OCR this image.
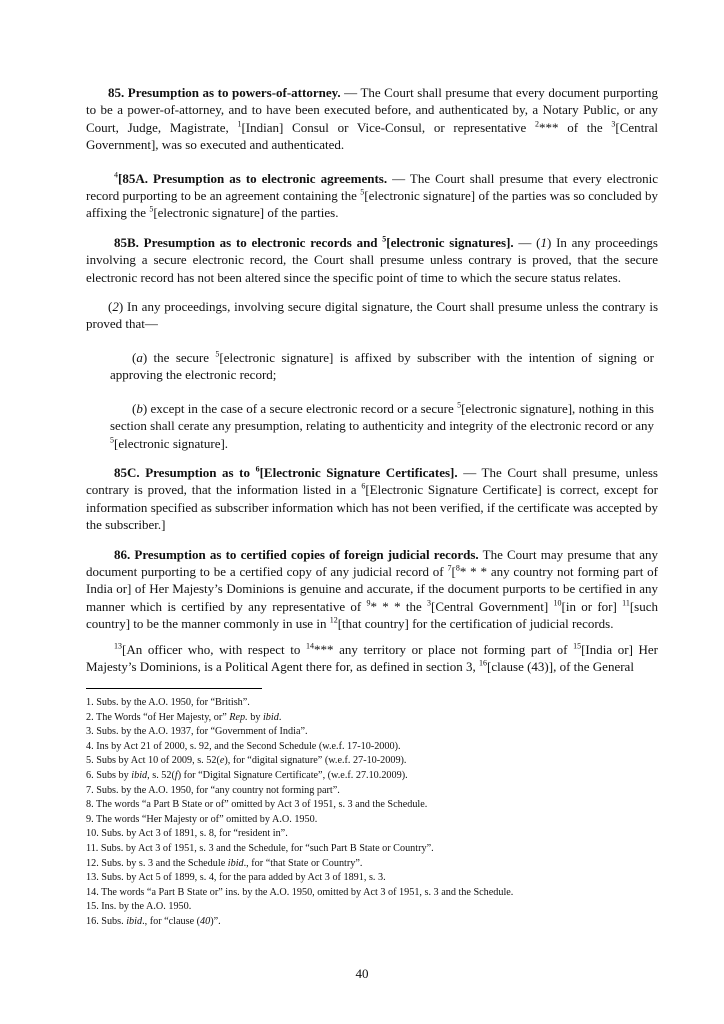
85. Presumption as to powers-of-attorney. — The Court shall presume that every document purporting to be a power-of-attorney, and to have been executed before, and authenticated by, a Notary Public, or any Court, Judge, Magistrate, $^1$[Indian] Consul or Vice-Consul, or representative $^2$*** of the $^3$[Central Government], was so executed and authenticated.

$^4$[85A. Presumption as to electronic agreements. — The Court shall presume that every electronic record purporting to be an agreement containing the $^5$[electronic signature] of the parties was so concluded by affixing the $^5$[electronic signature] of the parties.

85B. Presumption as to electronic records and $^5$[electronic signatures]. — (1) In any proceedings involving a secure electronic record, the Court shall presume unless contrary is proved, that the secure electronic record has not been altered since the specific point of time to which the secure status relates.

(2) In any proceedings, involving secure digital signature, the Court shall presume unless the contrary is proved that—

(a) the secure $^5$[electronic signature] is affixed by subscriber with the intention of signing or approving the electronic record;

(b) except in the case of a secure electronic record or a secure $^5$[electronic signature], nothing in this section shall cerate any presumption, relating to authenticity and integrity of the electronic record or any $^5$[electronic signature].

85C. Presumption as to $^6$[Electronic Signature Certificates]. — The Court shall presume, unless contrary is proved, that the information listed in a $^6$[Electronic Signature Certificate] is correct, except for information specified as subscriber information which has not been verified, if the certificate was accepted by the subscriber.]

86. Presumption as to certified copies of foreign judicial records. The Court may presume that any document purporting to be a certified copy of any judicial record of $^7$[$^8$* * * any country not forming part of India or] of Her Majesty’s Dominions is genuine and accurate, if the document purports to be certified in any manner which is certified by any representative of $^9$* * * the $^3$[Central Government] $^{10}$[in or for] $^{11}$[such country] to be the manner commonly in use in $^{12}$[that country] for the certification of judicial records.

$^{13}$[An officer who, with respect to $^{14}$*** any territory or place not forming part of $^{15}$[India or] Her Majesty’s Dominions, is a Political Agent there for, as defined in section 3, $^{16}$[clause (43)], of the General

1. Subs. by the A.O. 1950, for “British”.
2. The Words “of Her Majesty, or” Rep. by ibid.
3. Subs. by the A.O. 1937, for “Government of India”.
4. Ins by Act 21 of 2000, s. 92, and the Second Schedule (w.e.f. 17-10-2000).
5. Subs by Act 10 of 2009, s. 52(e), for “digital signature” (w.e.f. 27-10-2009).
6. Subs by ibid, s. 52(f) for “Digital Signature Certificate”, (w.e.f. 27.10.2009).
7. Subs. by the A.O. 1950, for “any country not forming part”.
8. The words “a Part B State or of” omitted by Act 3 of 1951, s. 3 and the Schedule.
9. The words “Her Majesty or of” omitted by A.O. 1950.
10. Subs. by Act 3 of 1891, s. 8, for “resident in”.
11. Subs. by Act 3 of 1951, s. 3 and the Schedule, for “such Part B State or Country”.
12. Subs. by s. 3 and the Schedule ibid., for “that State or Country”.
13. Subs. by Act 5 of 1899, s. 4, for the para added by Act 3 of 1891, s. 3.
14. The words “a Part B State or” ins. by the A.O. 1950, omitted by Act 3 of 1951, s. 3 and the Schedule.
15. Ins. by the A.O. 1950.
16. Subs. ibid., for “clause (40)”.
40
